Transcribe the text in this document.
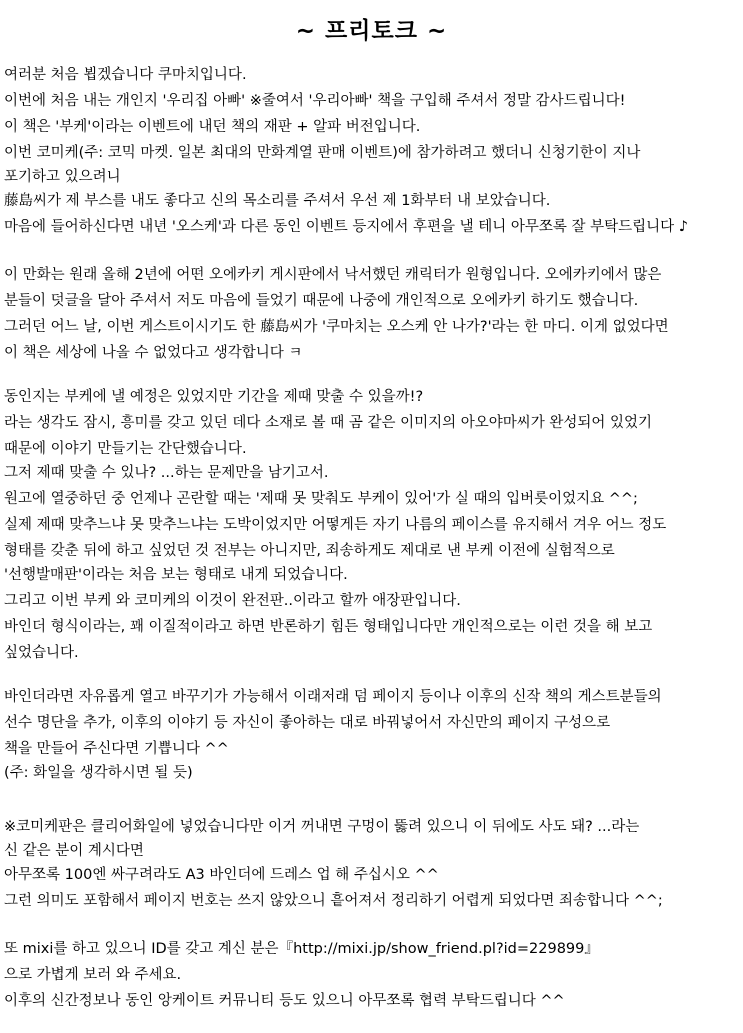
~ 프리토크 ~
여러분 처음 뵙겠습니다 쿠마치입니다.
이번에 처음 내는 개인지 '우리집 아빠' ※줄여서 '우리아빠' 책을 구입해 주셔서 정말 감사드립니다!
이 책은 '부케'이라는 이벤트에 내던 책의 재판 + 알파 버전입니다.
이번 코미케(주: 코믹 마켓. 일본 최대의 만화계열 판매 이벤트)에 참가하려고 했더니 신청기한이 지나
포기하고 있으려니
藤島씨가 제 부스를 내도 좋다고 신의 목소리를 주셔서 우선 제 1화부터 내 보았습니다.
마음에 들어하신다면 내년 '오스케'과 다른 동인 이벤트 등지에서 후편을 낼 테니 아무쪼록 잘 부탁드립니다 ♪
이 만화는 원래 올해 2년에 어떤 오에카키 게시판에서 낙서했던 캐릭터가 원형입니다. 오에카키에서 많은
분들이 덧글을 달아 주셔서 저도 마음에 들었기 때문에 나중에 개인적으로 오에카키 하기도 했습니다.
그러던 어느 날, 이번 게스트이시기도 한 藤島씨가 '쿠마치는 오스케 안 나가?'라는 한 마디. 이게 없었다면
이 책은 세상에 나올 수 없었다고 생각합니다 ㅋ
동인지는 부케에 낼 예정은 있었지만 기간을 제때 맞출 수 있을까!?
라는 생각도 잠시, 흥미를 갖고 있던 데다 소재로 볼 때 곰 같은 이미지의 아오야마씨가 완성되어 있었기
때문에 이야기 만들기는 간단했습니다.
그저 제때 맞출 수 있나? ...하는 문제만을 남기고서.
원고에 열중하던 중 언제나 곤란할 때는 '제때 못 맞춰도 부케이 있어'가 실 때의 입버릇이었지요 ^^;
실제 제때 맞추느냐 못 맞추느냐는 도박이었지만 어떻게든 자기 나름의 페이스를 유지해서 겨우 어느 정도
형태를 갖춘 뒤에 하고 싶었던 것 전부는 아니지만, 죄송하게도 제대로 낸 부케 이전에 실험적으로
'선행발매판'이라는 처음 보는 형태로 내게 되었습니다.
그리고 이번 부케 와 코미케의 이것이 완전판..이라고 할까 애장판입니다.
바인더 형식이라는, 꽤 이질적이라고 하면 반론하기 힘든 형태입니다만 개인적으로는 이런 것을 해 보고
싶었습니다.
바인더라면 자유롭게 열고 바꾸기가 가능해서 이래저래 덤 페이지 등이나 이후의 신작 책의 게스트분들의
선수 명단을 추가, 이후의 이야기 등 자신이 좋아하는 대로 바꿔넣어서 자신만의 페이지 구성으로
책을 만들어 주신다면 기쁩니다 ^^
(주: 화일을 생각하시면 될 듯)
※코미케판은 클리어화일에 넣었습니다만 이거 꺼내면 구멍이 뚫려 있으니 이 뒤에도 사도 돼? ...라는
신 같은 분이 계시다면
아무쪼록 100엔 싸구려라도 A3 바인더에 드레스 업 해 주십시오 ^^
그런 의미도 포함해서 페이지 번호는 쓰지 않았으니 흩어져서 정리하기 어렵게 되었다면 죄송합니다 ^^;
또 mixi를 하고 있으니 ID를 갖고 계신 분은『http://mixi.jp/show_friend.pl?id=229899』
으로 가볍게 보러 와 주세요.
이후의 신간정보나 동인 앙케이트 커뮤니티 등도 있으니 아무쪼록 협력 부탁드립니다 ^^
